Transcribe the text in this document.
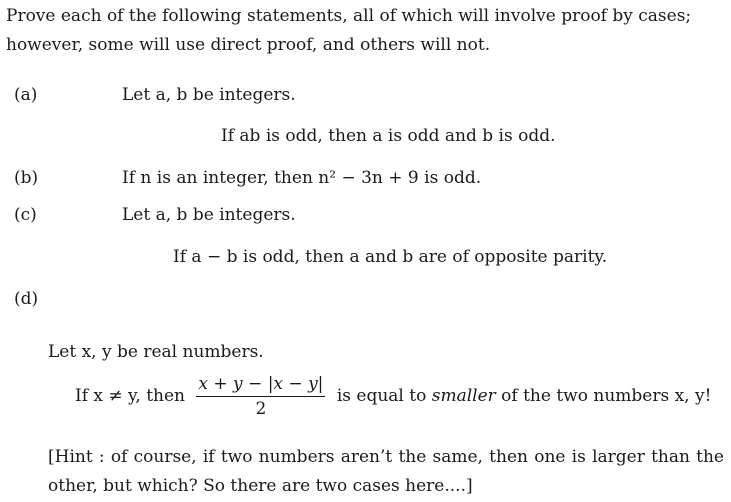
Prove each of the following statements, all of which will involve proof by cases; however, some will use direct proof, and others will not.
(a)	Let a, b be integers.
If ab is odd, then a is odd and b is odd.
(b)	If n is an integer, then n² − 3n + 9 is odd.
(c)	Let a, b be integers.
If a − b is odd, then a and b are of opposite parity.
(d)
Let x, y be real numbers.
If x ≠ y, then $\frac{x + y - |x - y|}{2}$ is equal to smaller of the two numbers x, y!
[Hint : of course, if two numbers aren’t the same, then one is larger than the other, but which? So there are two cases here....]
